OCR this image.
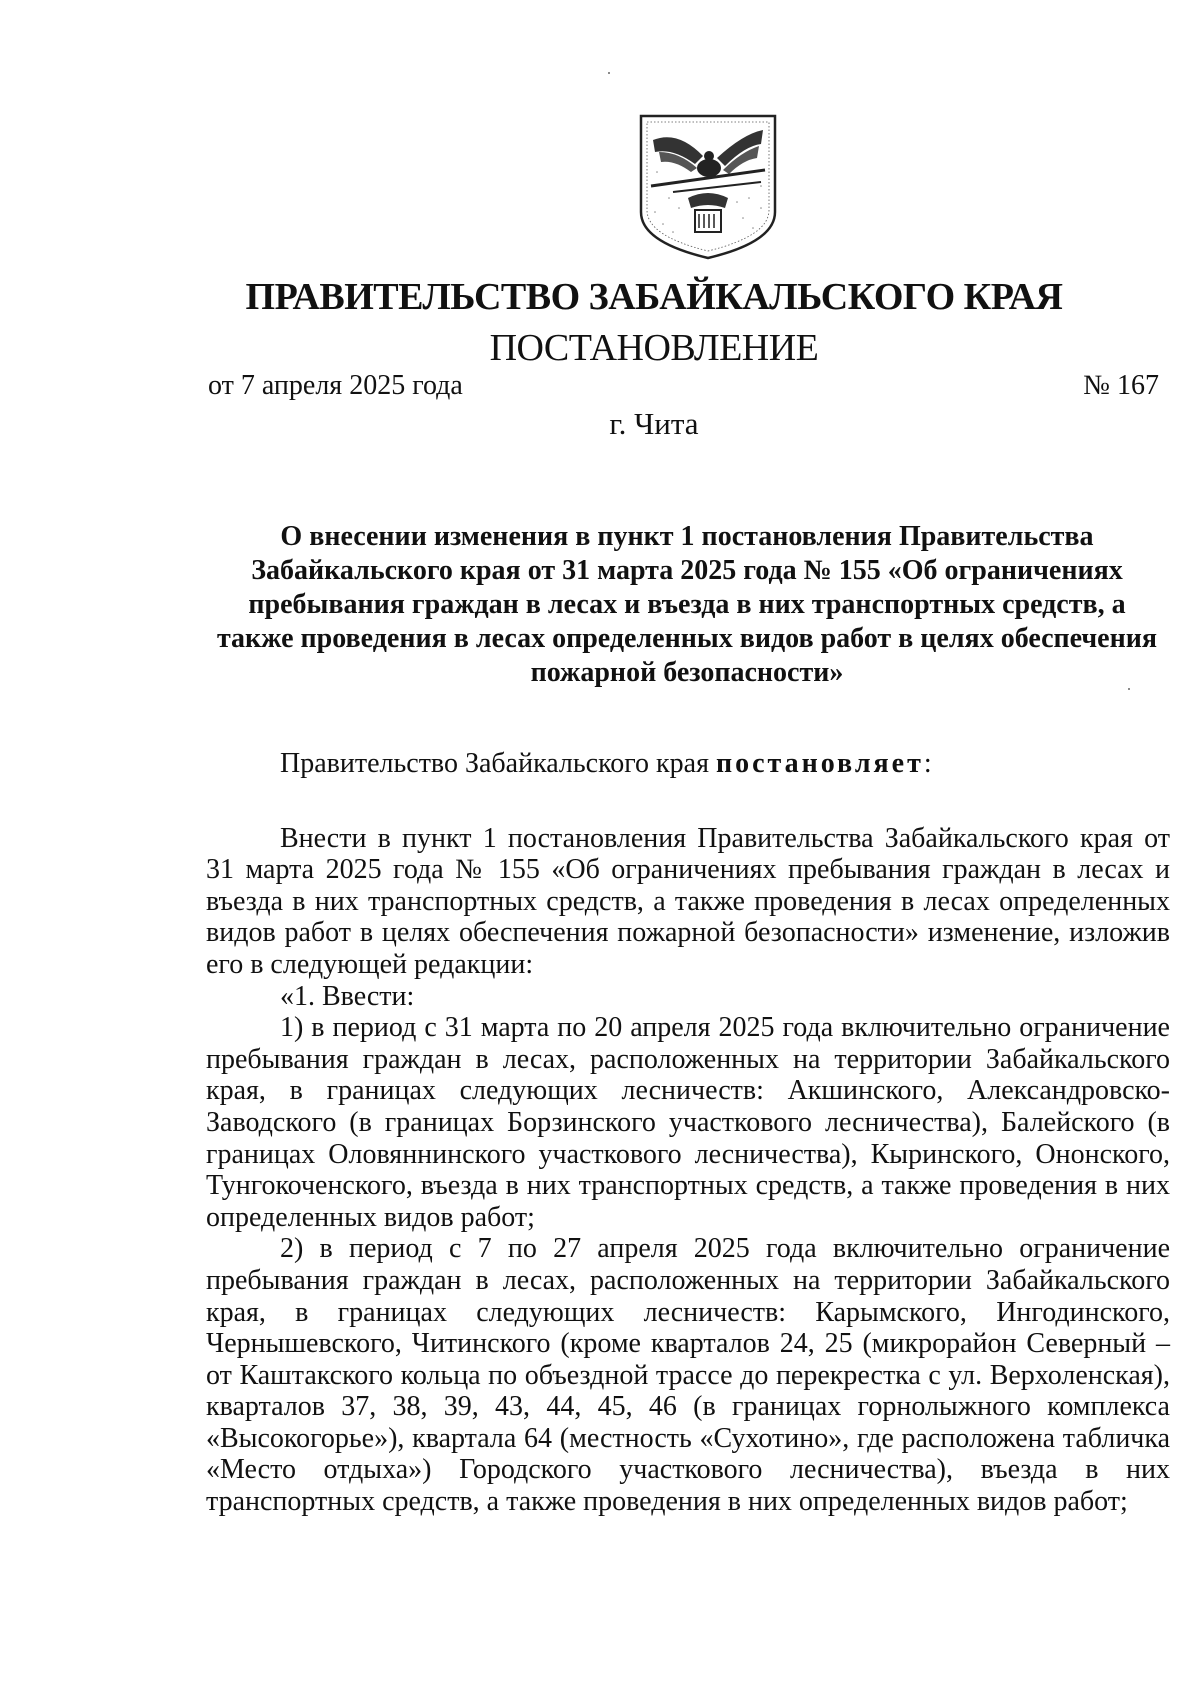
ПРАВИТЕЛЬСТВО ЗАБАЙКАЛЬСКОГО КРАЯ
ПОСТАНОВЛЕНИЕ
от 7 апреля 2025 года	№ 167
г. Чита
О внесении изменения в пункт 1 постановления Правительства Забайкальского края от 31 марта 2025 года № 155 «Об ограничениях пребывания граждан в лесах и въезда в них транспортных средств, а также проведения в лесах определенных видов работ в целях обеспечения пожарной безопасности»

Правительство Забайкальского края постановляет:

Внести в пункт 1 постановления Правительства Забайкальского края от 31 марта 2025 года № 155 «Об ограничениях пребывания граждан в лесах и въезда в них транспортных средств, а также проведения в лесах определенных видов работ в целях обеспечения пожарной безопасности» изменение, изложив его в следующей редакции:

«1. Ввести:

1) в период с 31 марта по 20 апреля 2025 года включительно ограничение пребывания граждан в лесах, расположенных на территории Забайкальского края, в границах следующих лесничеств: Акшинского, Александровско-Заводского (в границах Борзинского участкового лесничества), Балейского (в границах Оловяннинского участкового лесничества), Кыринского, Ононского, Тунгокоченского, въезда в них транспортных средств, а также проведения в них определенных видов работ;

2) в период с 7 по 27 апреля 2025 года включительно ограничение пребывания граждан в лесах, расположенных на территории Забайкальского края, в границах следующих лесничеств: Карымского, Ингодинского, Чернышевского, Читинского (кроме кварталов 24, 25 (микрорайон Северный – от Каштакского кольца по объездной трассе до перекрестка с ул. Верхоленская), кварталов 37, 38, 39, 43, 44, 45, 46 (в границах горнолыжного комплекса «Высокогорье»), квартала 64 (местность «Сухотино», где расположена табличка «Место отдыха») Городского участкового лесничества), въезда в них транспортных средств, а также проведения в них определенных видов работ;
